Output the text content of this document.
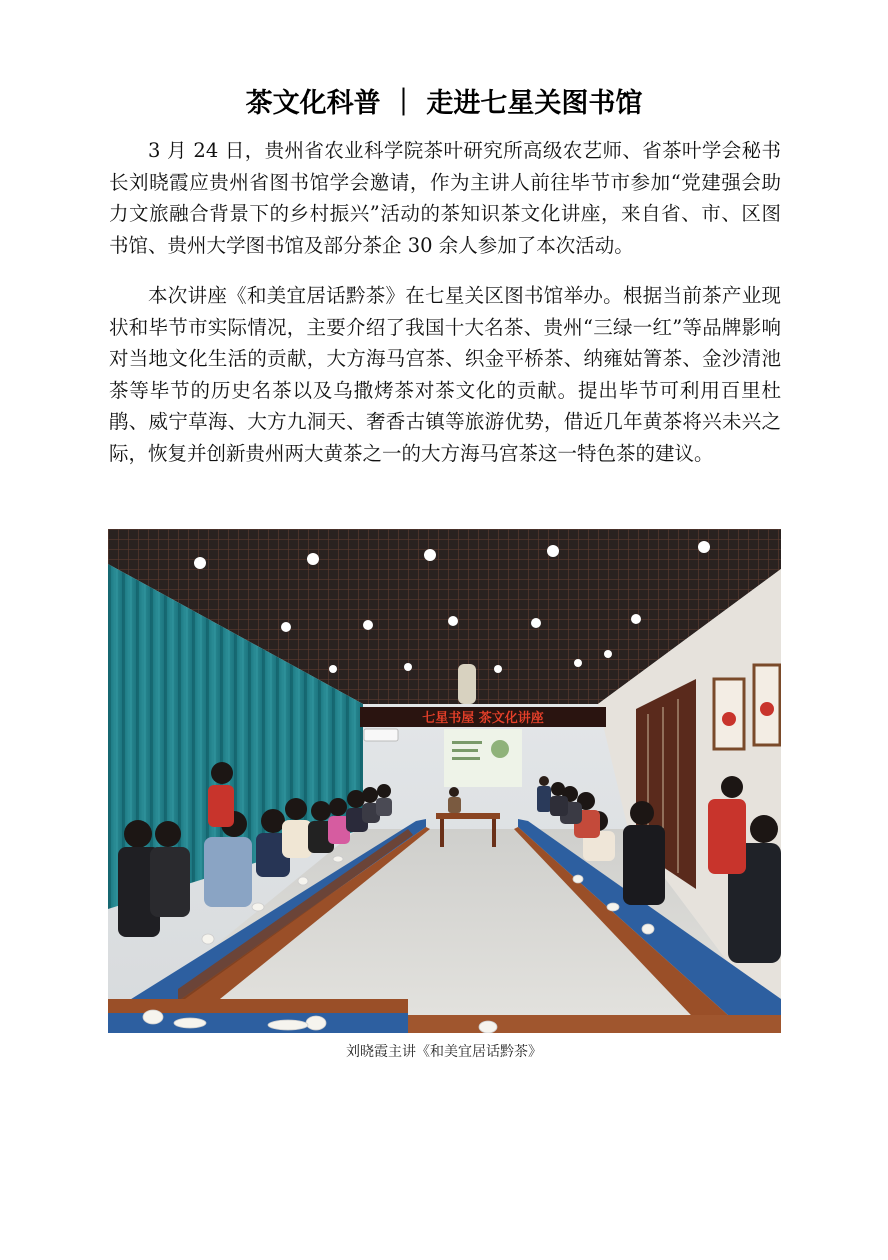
茶文化科普 ｜ 走进七星关图书馆

3 月 24 日，贵州省农业科学院茶叶研究所高级农艺师、省茶叶学会秘书长刘晓霞应贵州省图书馆学会邀请，作为主讲人前往毕节市参加“党建强会助力文旅融合背景下的乡村振兴”活动的茶知识茶文化讲座，来自省、市、区图书馆、贵州大学图书馆及部分茶企 30 余人参加了本次活动。

本次讲座《和美宜居话黔茶》在七星关区图书馆举办。根据当前茶产业现状和毕节市实际情况，主要介绍了我国十大名茶、贵州“三绿一红”等品牌影响对当地文化生活的贡献，大方海马宫茶、织金平桥茶、纳雍姑箐茶、金沙清池茶等毕节的历史名茶以及乌撒烤茶对茶文化的贡献。提出毕节可利用百里杜鹃、威宁草海、大方九洞天、奢香古镇等旅游优势，借近几年黄茶将兴未兴之际，恢复并创新贵州两大黄茶之一的大方海马宫茶这一特色茶的建议。

七星书屋 茶文化讲座
刘晓霞主讲《和美宜居话黔茶》
